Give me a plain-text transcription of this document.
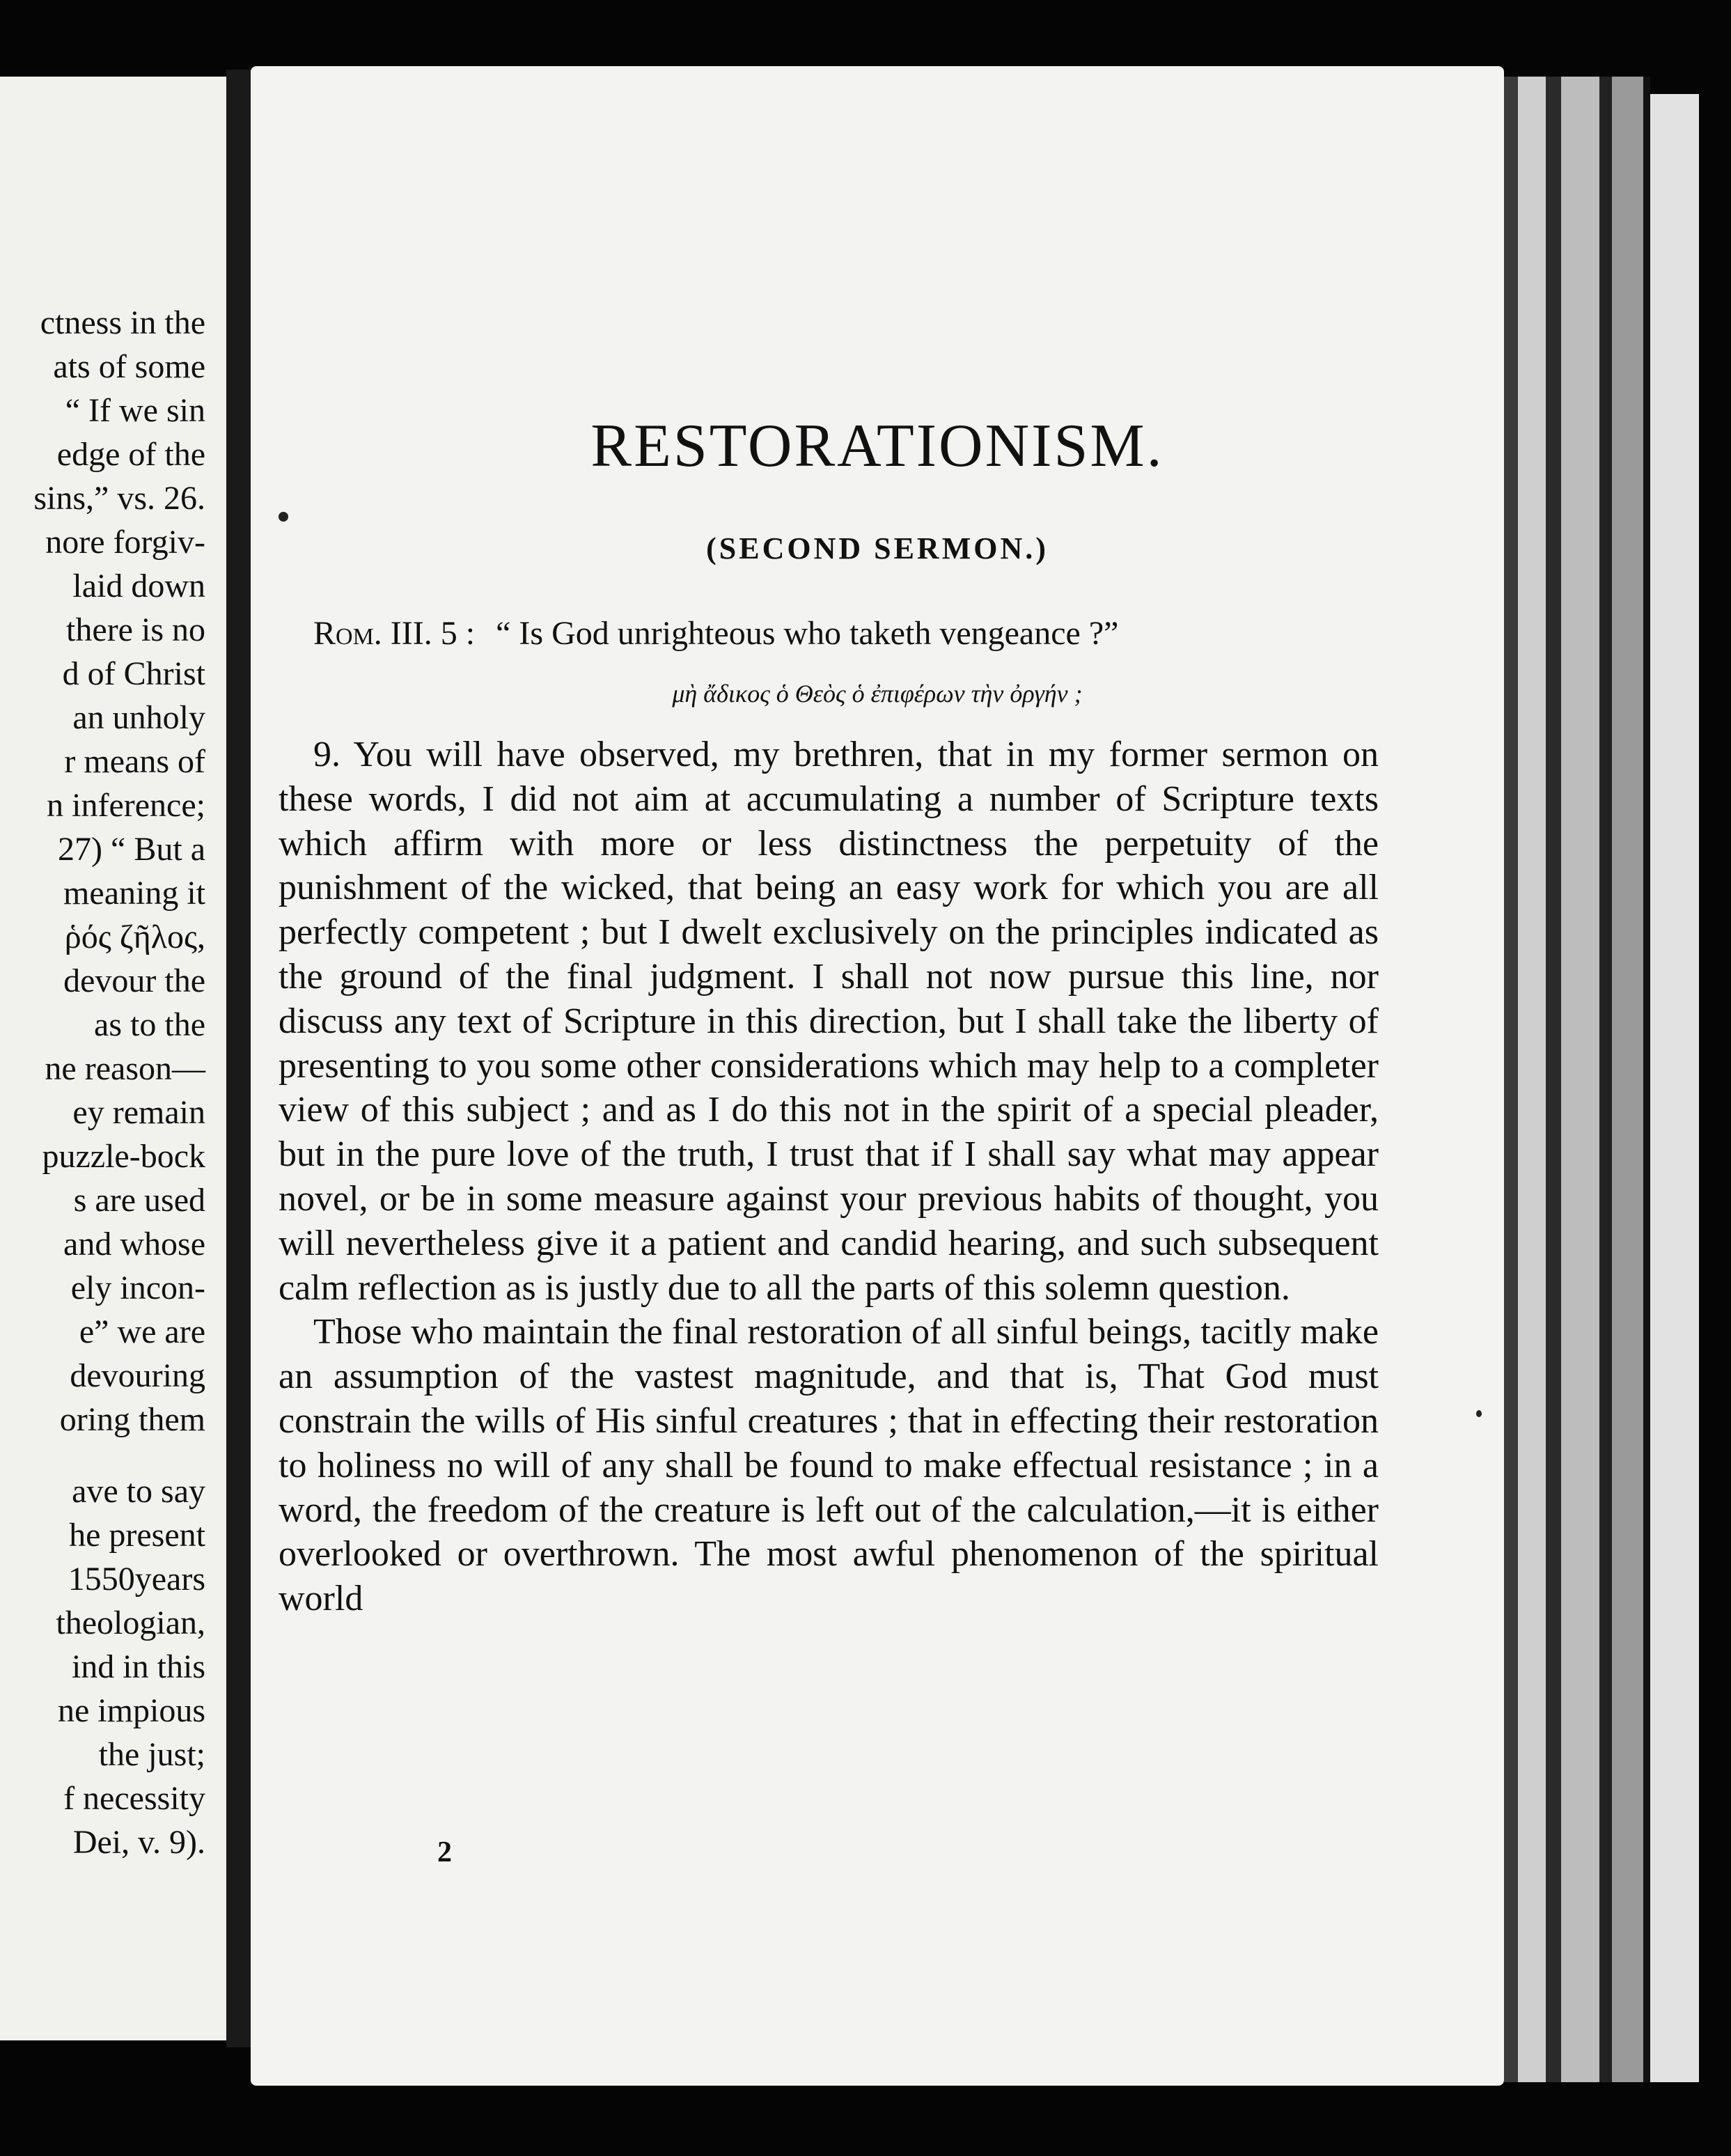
ctness in the
ats of some
“ If we sin
edge of the
sins,” vs. 26.
nore forgiv-
laid down
there is no
d of Christ
an unholy
r means of
n inference;
27) “ But a
meaning it
ῥός ζῆλος,
devour the
as to the
ne reason—
ey remain
puzzle-bock
s are used
and whose
ely incon-
e” we are
devouring
oring them
ave to say
he present
1550years
theologian,
ind in this
ne impious
the just;
f necessity
Dei, v. 9).
RESTORATIONISM.
(SECOND SERMON.)
Rom. III. 5 : “ Is God unrighteous who taketh vengeance ?”
μὴ ἄδικος ὁ Θεὸς ὁ ἐπιφέρων τὴν ὀργήν ;

9. You will have observed, my brethren, that in my former sermon on these words, I did not aim at accumulating a number of Scripture texts which affirm with more or less distinctness the perpetuity of the punishment of the wicked, that being an easy work for which you are all perfectly competent ; but I dwelt exclusively on the principles indicated as the ground of the final judgment. I shall not now pursue this line, nor discuss any text of Scripture in this direction, but I shall take the liberty of presenting to you some other considerations which may help to a completer view of this subject ; and as I do this not in the spirit of a special pleader, but in the pure love of the truth, I trust that if I shall say what may appear novel, or be in some measure against your previous habits of thought, you will nevertheless give it a patient and candid hearing, and such subsequent calm reflection as is justly due to all the parts of this solemn question.

Those who maintain the final restoration of all sinful beings, tacitly make an assumption of the vastest magnitude, and that is, That God must constrain the wills of His sinful creatures ; that in effecting their restoration to holiness no will of any shall be found to make effectual resistance ; in a word, the freedom of the creature is left out of the calculation,—it is either overlooked or overthrown. The most awful phenomenon of the spiritual world

2
